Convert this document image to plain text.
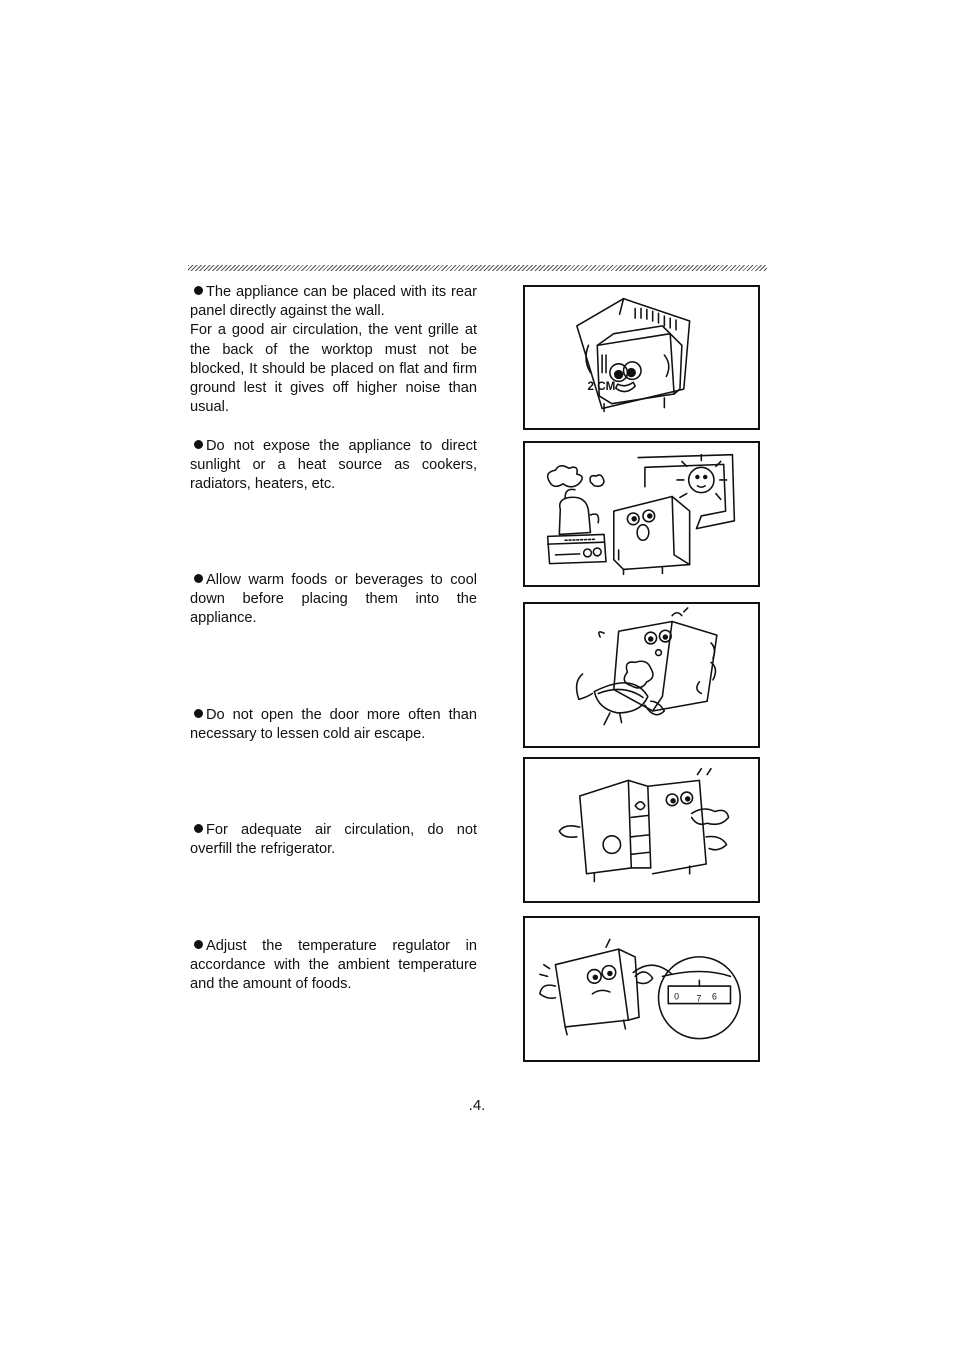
The appliance can be placed with its rear panel directly against the wall.

For a good air circulation, the vent grille at the back of the worktop must not be blocked, It should be placed on flat and firm ground lest it gives off higher noise than usual.

2 CM

Do not expose the appliance to direct sunlight or a heat source as cookers, radiators, heaters, etc.

Allow warm foods or beverages to cool down before placing them into the appliance.

Do not open the door more often than necessary to lessen cold air escape.

For adequate air circulation, do not overfill the refrigerator.

0 7 6

Adjust the temperature regulator in accordance with the ambient temperature and the amount of foods.

.4.
